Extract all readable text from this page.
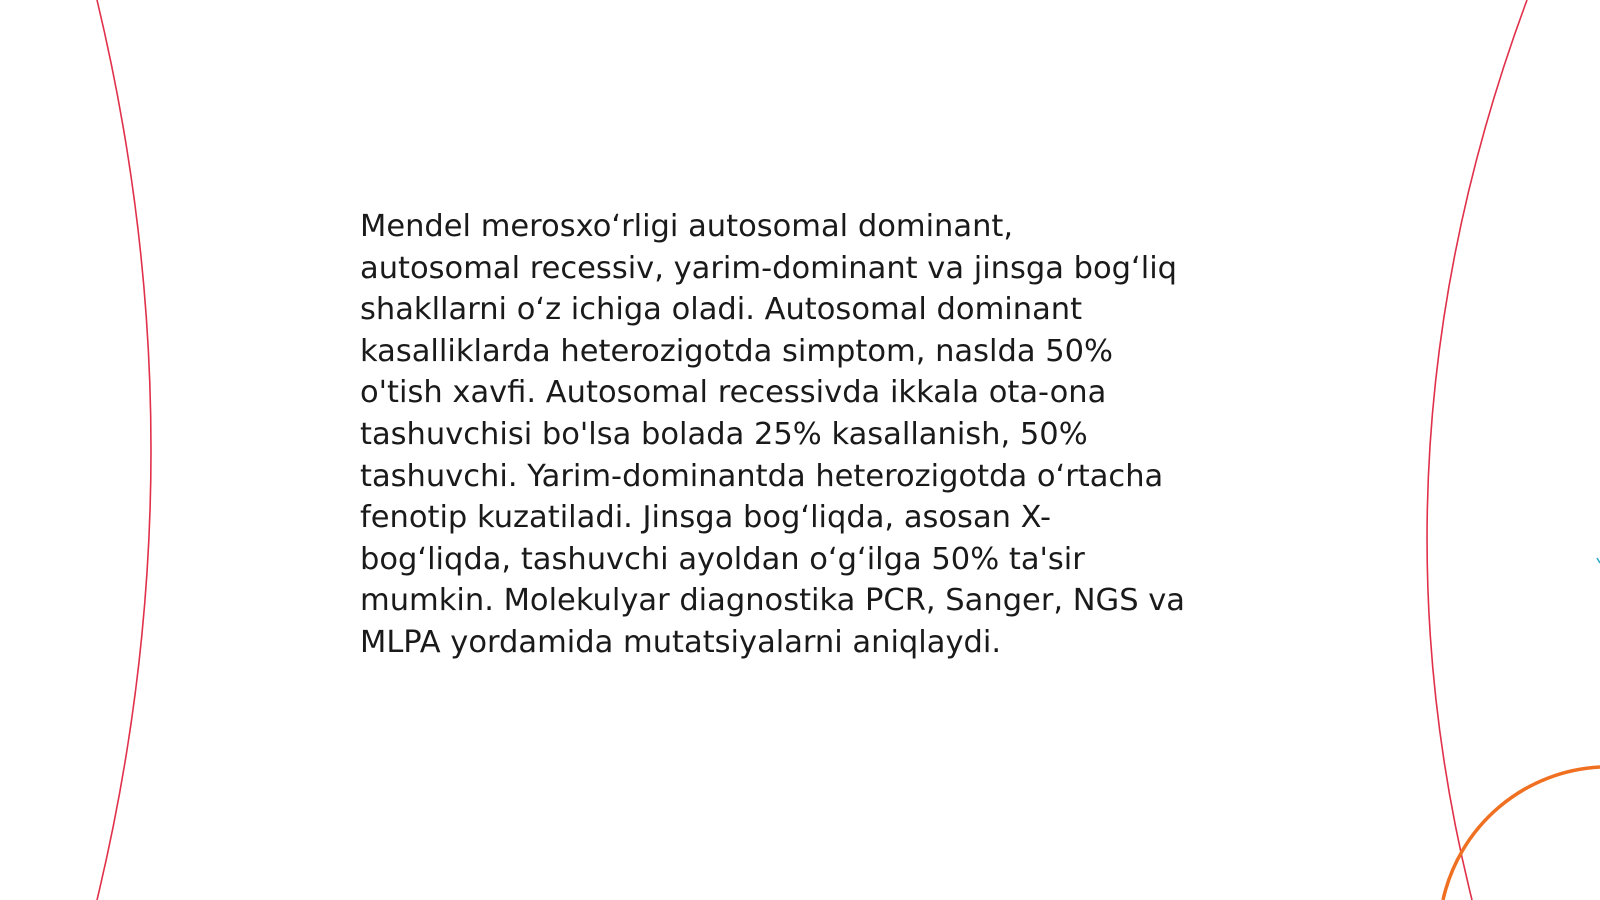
Mendel merosxoʻrligi autosomal dominant,
autosomal recessiv, yarim-dominant va jinsga bogʻliq
shakllarni oʻz ichiga oladi. Autosomal dominant
kasalliklarda heterozigotda simptom, naslda 50%
o'tish xavfi. Autosomal recessivda ikkala ota-ona
tashuvchisi bo'lsa bolada 25% kasallanish, 50%
tashuvchi. Yarim-dominantda heterozigotda oʻrtacha
fenotip kuzatiladi. Jinsga bogʻliqda, asosan X-
bogʻliqda, tashuvchi ayoldan oʻgʻilga 50% ta'sir
mumkin. Molekulyar diagnostika PCR, Sanger, NGS va
MLPA yordamida mutatsiyalarni aniqlaydi.
